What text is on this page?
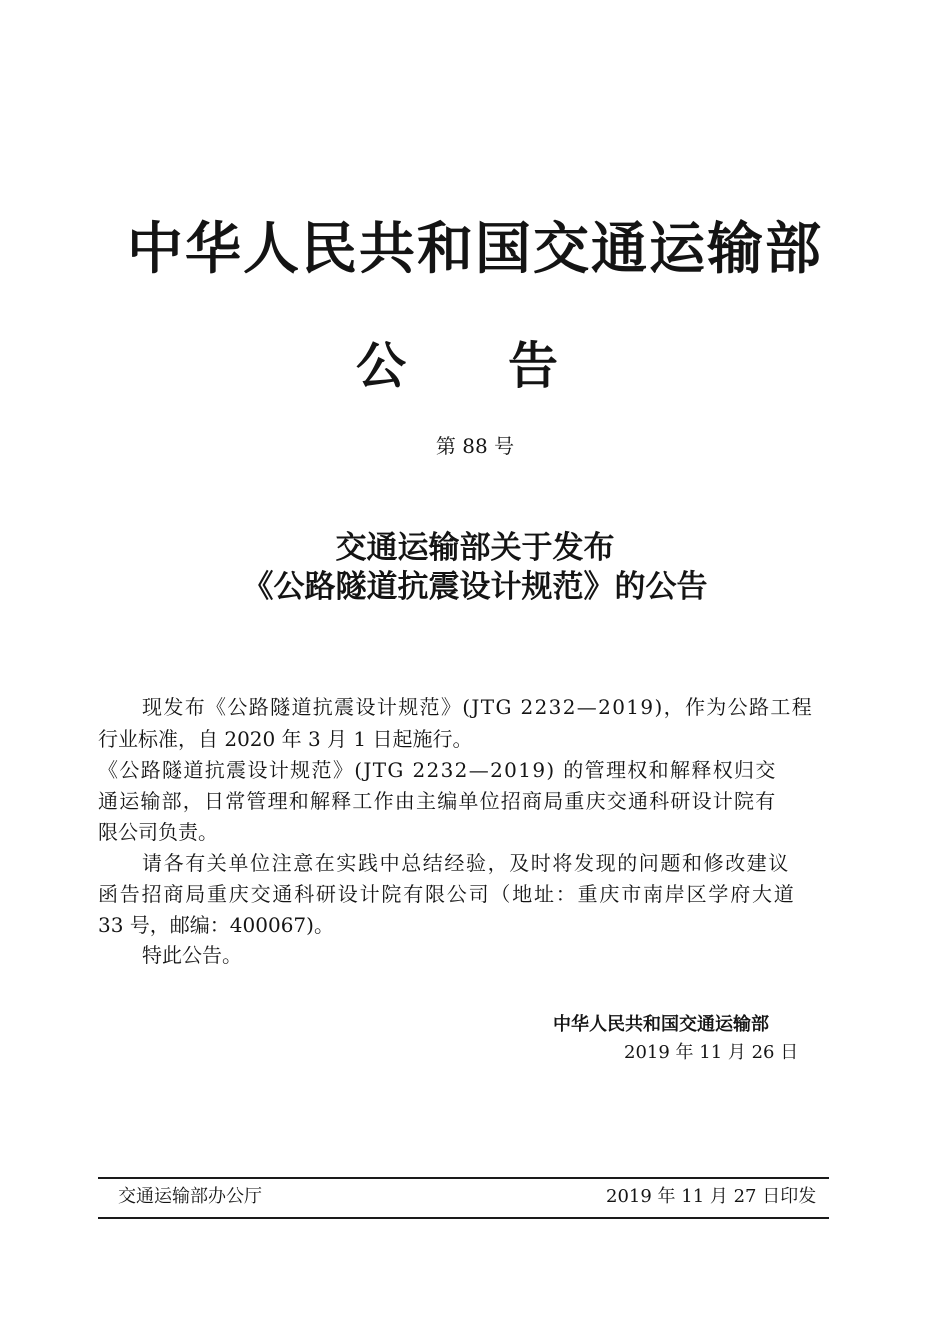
中华人民共和国交通运输部
公 告
第 88 号
交通运输部关于发布
《公路隧道抗震设计规范》的公告
现发布《公路隧道抗震设计规范》(JTG 2232—2019)，作为公路工程
行业标准，自 2020 年 3 月 1 日起施行。
《公路隧道抗震设计规范》(JTG 2232—2019) 的管理权和解释权归交
通运输部，日常管理和解释工作由主编单位招商局重庆交通科研设计院有
限公司负责。
请各有关单位注意在实践中总结经验，及时将发现的问题和修改建议
函告招商局重庆交通科研设计院有限公司（地址：重庆市南岸区学府大道
33 号，邮编：400067)。
特此公告。
中华人民共和国交通运输部
2019 年 11 月 26 日
交通运输部办公厅	2019 年 11 月 27 日印发
